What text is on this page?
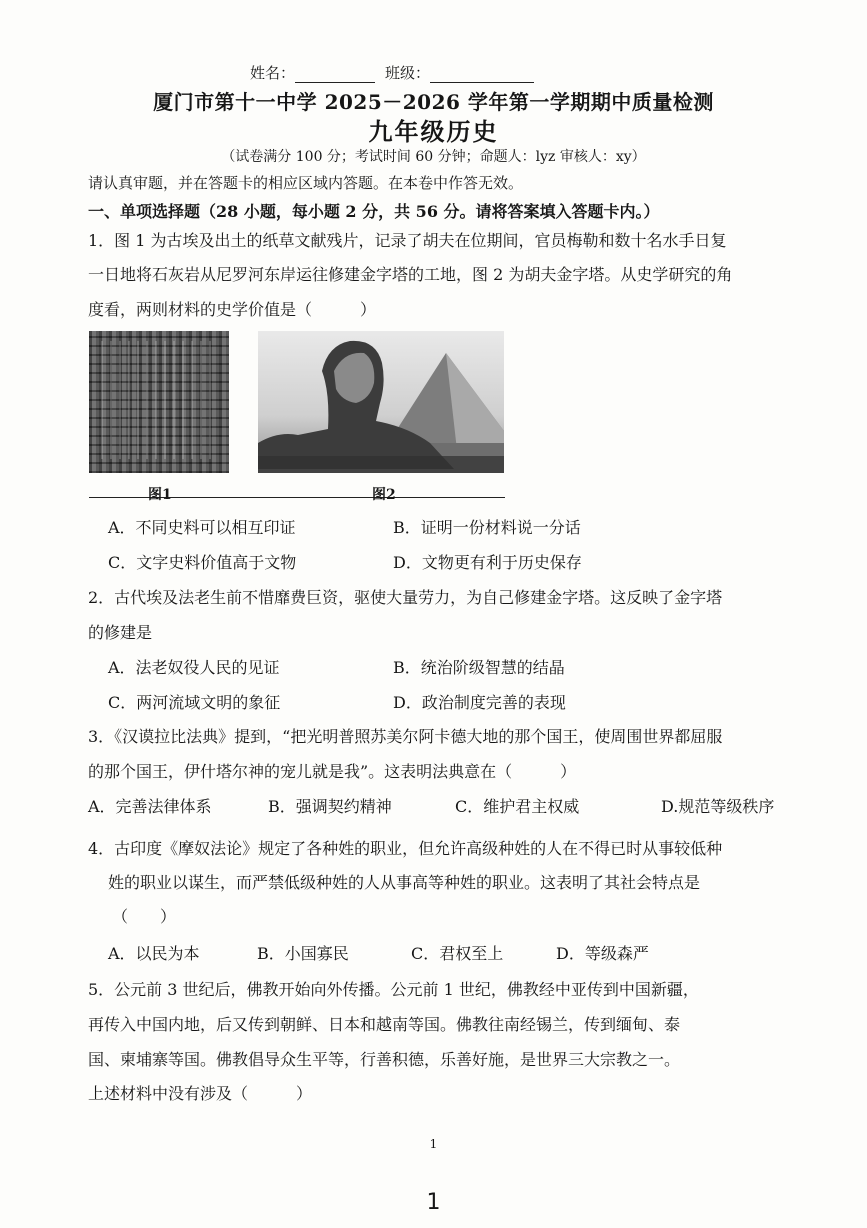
姓名：	班级：
厦门市第十一中学 2025－2026 学年第一学期期中质量检测
九年级历史
（试卷满分 100 分；考试时间 60 分钟；命题人：lyz 审核人：xy）
请认真审题，并在答题卡的相应区域内答题。在本卷中作答无效。
一、单项选择题（28 小题，每小题 2 分，共 56 分。请将答案填入答题卡内。）
1．图 1 为古埃及出土的纸草文献残片，记录了胡夫在位期间，官员梅勒和数十名水手日复
一日地将石灰岩从尼罗河东岸运往修建金字塔的工地，图 2 为胡夫金字塔。从史学研究的角
度看，两则材料的史学价值是（　　　）
图1	图2
A．不同史料可以相互印证	B．证明一份材料说一分话
C．文字史料价值高于文物	D．文物更有利于历史保存
2．古代埃及法老生前不惜靡费巨资，驱使大量劳力，为自己修建金字塔。这反映了金字塔
的修建是
A．法老奴役人民的见证	B．统治阶级智慧的结晶
C．两河流域文明的象征	D．政治制度完善的表现
3．《汉谟拉比法典》提到，“把光明普照苏美尔阿卡德大地的那个国王，使周围世界都屈服
的那个国王，伊什塔尔神的宠儿就是我”。这表明法典意在（　　　）
A．完善法律体系	B．强调契约精神	C．维护君主权威	D.规范等级秩序
4．古印度《摩奴法论》规定了各种姓的职业，但允许高级种姓的人在不得已时从事较低种
姓的职业以谋生，而严禁低级种姓的人从事高等种姓的职业。这表明了其社会特点是
（　　）
A．以民为本	B．小国寡民	C．君权至上	D．等级森严
5．公元前 3 世纪后，佛教开始向外传播。公元前 1 世纪，佛教经中亚传到中国新疆，
再传入中国内地，后又传到朝鲜、日本和越南等国。佛教往南经锡兰，传到缅甸、泰
国、柬埔寨等国。佛教倡导众生平等，行善积德，乐善好施，是世界三大宗教之一。
上述材料中没有涉及（　　　）
1
1
